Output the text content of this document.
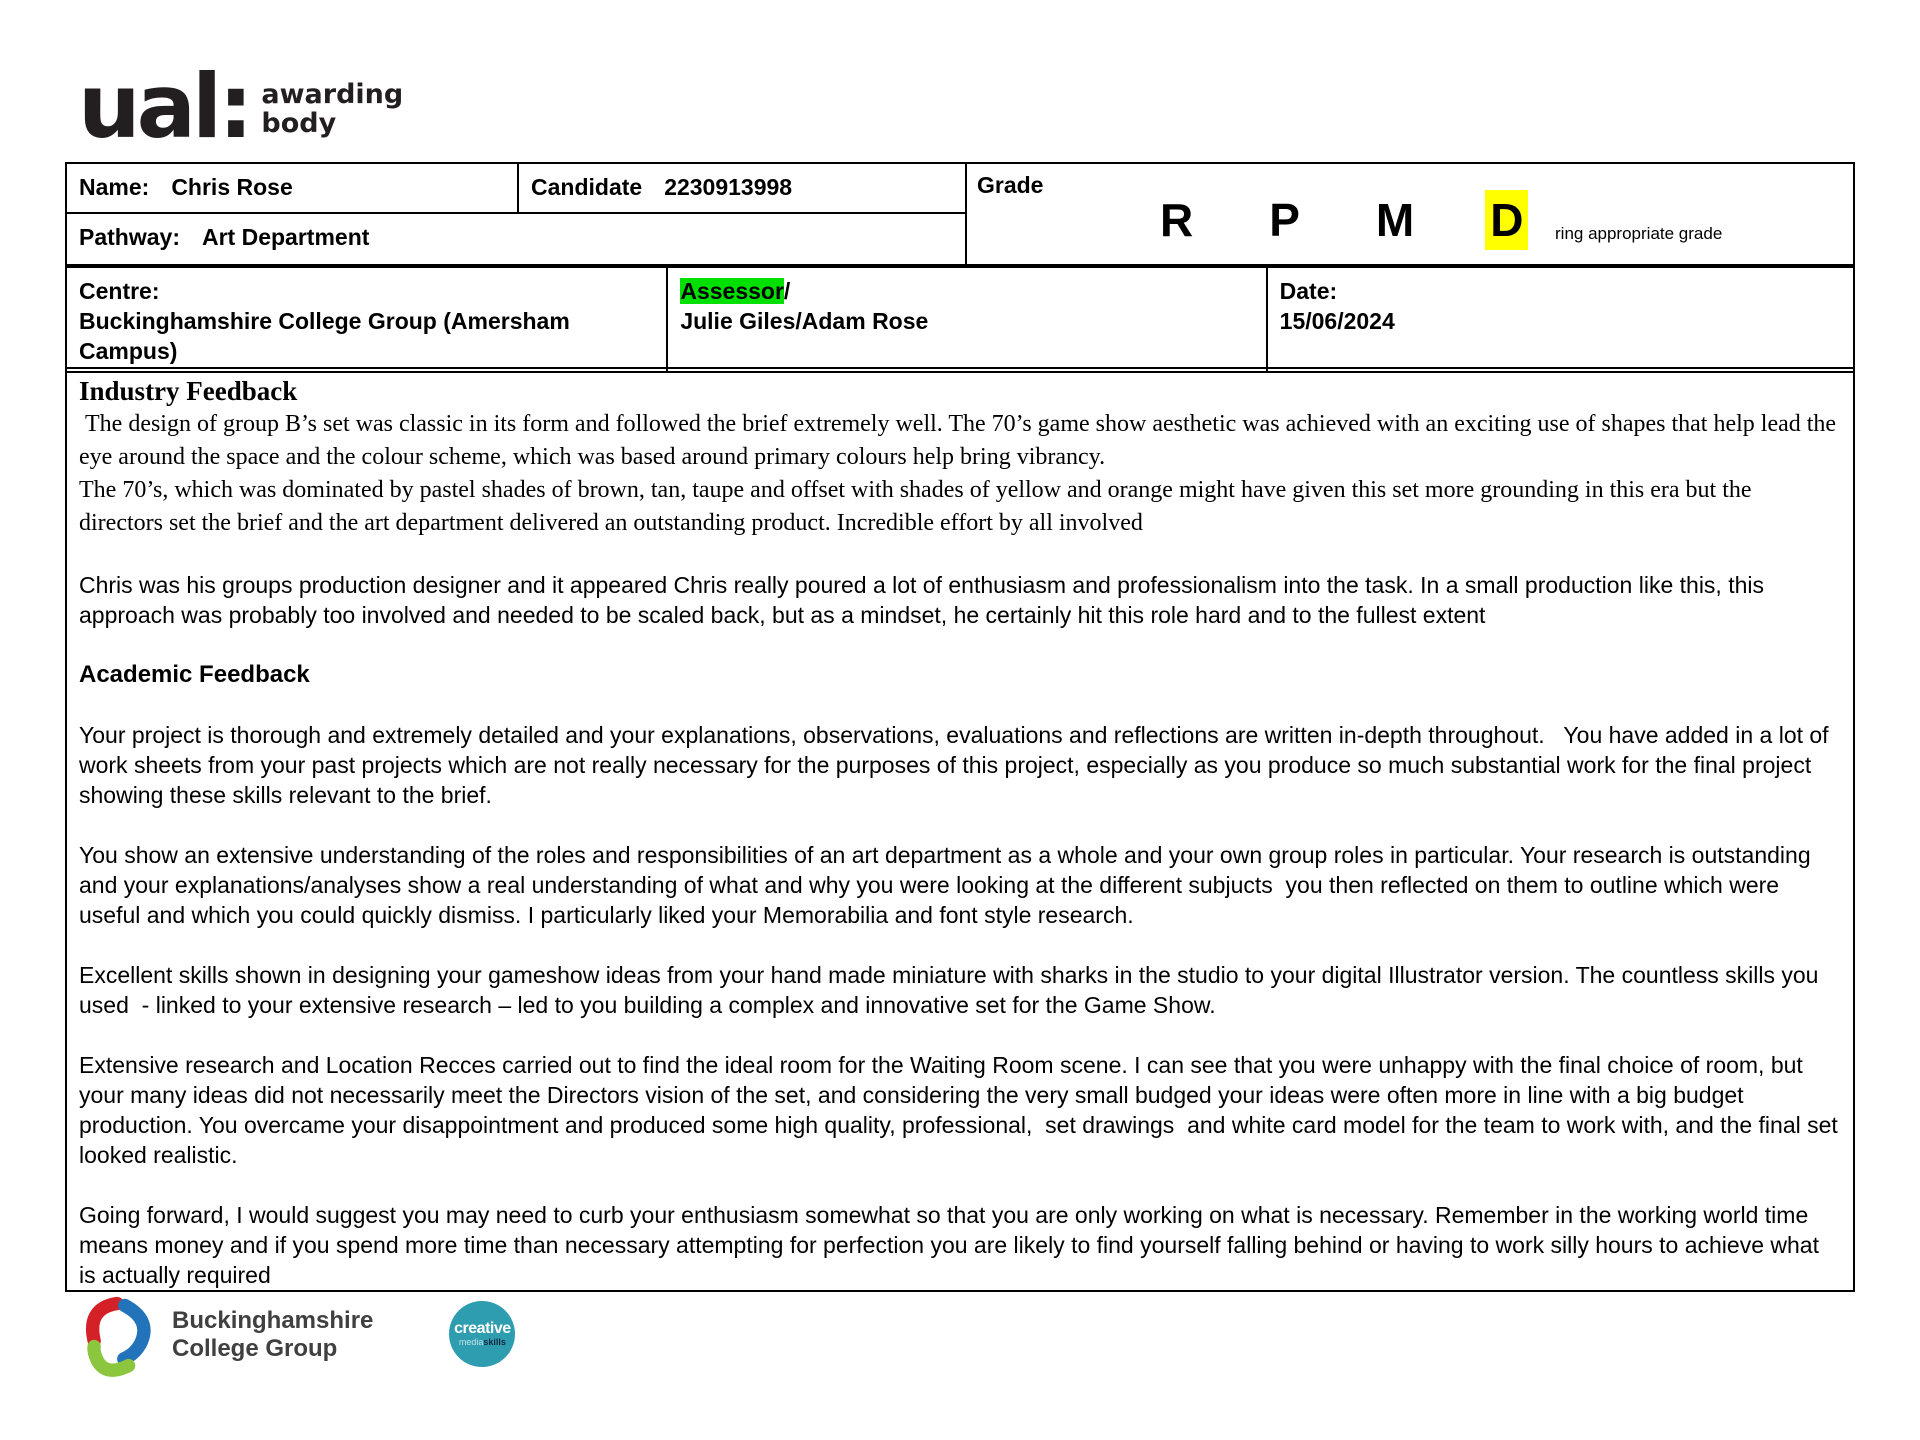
ual: awarding
body
Name: Chris Rose	Candidate 2230913998
Pathway: Art Department
Grade
R P M D ring appropriate grade
Centre:
Buckinghamshire College Group (Amersham Campus)
Assessor/
Julie Giles/Adam Rose
Date:
15/06/2024
Industry Feedback

The design of group B’s set was classic in its form and followed the brief extremely well. The 70’s game show aesthetic was achieved with an exciting use of shapes that help lead the eye around the space and the colour scheme, which was based around primary colours help bring vibrancy.

The 70’s, which was dominated by pastel shades of brown, tan, taupe and offset with shades of yellow and orange might have given this set more grounding in this era but the directors set the brief and the art department delivered an outstanding product. Incredible effort by all involved

Chris was his groups production designer and it appeared Chris really poured a lot of enthusiasm and professionalism into the task. In a small production like this, this approach was probably too involved and needed to be scaled back, but as a mindset, he certainly hit this role hard and to the fullest extent

Academic Feedback

Your project is thorough and extremely detailed and your explanations, observations, evaluations and reflections are written in-depth throughout.   You have added in a lot of work sheets from your past projects which are not really necessary for the purposes of this project, especially as you produce so much substantial work for the final project showing these skills relevant to the brief.

You show an extensive understanding of the roles and responsibilities of an art department as a whole and your own group roles in particular. Your research is outstanding  and your explanations/analyses show a real understanding of what and why you were looking at the different subjucts  you then reflected on them to outline which were useful and which you could quickly dismiss. I particularly liked your Memorabilia and font style research.

Excellent skills shown in designing your gameshow ideas from your hand made miniature with sharks in the studio to your digital Illustrator version. The countless skills you used  - linked to your extensive research – led to you building a complex and innovative set for the Game Show.

Extensive research and Location Recces carried out to find the ideal room for the Waiting Room scene. I can see that you were unhappy with the final choice of room, but your many ideas did not necessarily meet the Directors vision of the set, and considering the very small budged your ideas were often more in line with a big budget production. You overcame your disappointment and produced some high quality, professional,  set drawings  and white card model for the team to work with, and the final set looked realistic.

Going forward, I would suggest you may need to curb your enthusiasm somewhat so that you are only working on what is necessary. Remember in the working world time means money and if you spend more time than necessary attempting for perfection you are likely to find yourself falling behind or having to work silly hours to achieve what is actually required

Buckinghamshire
College Group
creative
mediaskills
